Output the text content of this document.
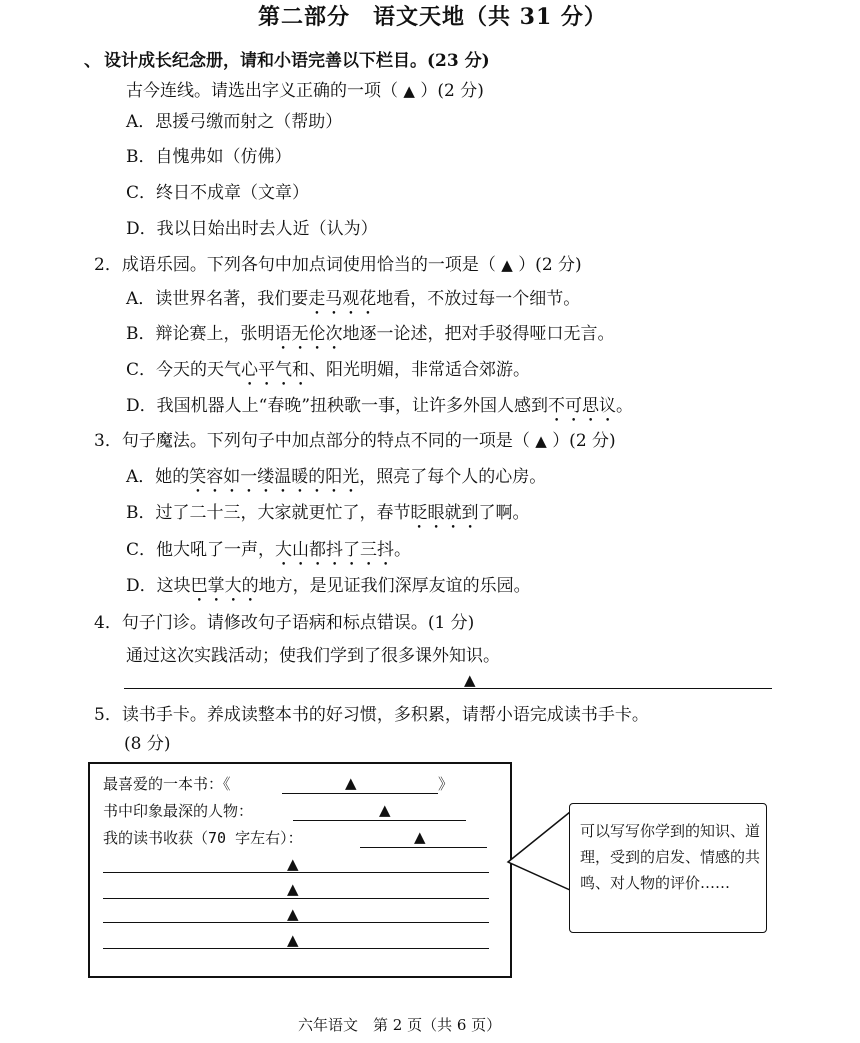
第二部分　语文天地（共 31 分）
、 设计成长纪念册，请和小语完善以下栏目。(23 分)
古今连线。请选出字义正确的一项（ ▲ ）(2 分)
A．思援弓缴而射之（帮助）
B．自愧弗如（仿佛）
C．终日不成章（文章）
D．我以日始出时去人近（认为）
2．成语乐园。下列各句中加点词使用恰当的一项是（ ▲ ）(2 分)
A．读世界名著，我们要走马观花地看，不放过每一个细节。
B．辩论赛上，张明语无伦次地逐一论述，把对手驳得哑口无言。
C．今天的天气心平气和、阳光明媚，非常适合郊游。
D．我国机器人上“春晚”扭秧歌一事，让许多外国人感到不可思议。
3．句子魔法。下列句子中加点部分的特点不同的一项是（ ▲ ）(2 分)
A．她的笑容如一缕温暖的阳光，照亮了每个人的心房。
B．过了二十三，大家就更忙了，春节眨眼就到了啊。
C．他大吼了一声，大山都抖了三抖。
D．这块巴掌大的地方，是见证我们深厚友谊的乐园。
4．句子门诊。请修改句子语病和标点错误。(1 分)
通过这次实践活动；使我们学到了很多课外知识。
▲
5．读书手卡。养成读整本书的好习惯，多积累，请帮小语完成读书手卡。
(8 分)
最喜爱的一本书：《	▲	》
书中印象最深的人物：	▲
我的读书收获（70 字左右）：	▲
▲
▲
▲
▲
可以写写你学到的知识、道理，受到的启发、情感的共鸣、对人物的评价……
六年语文　第 2 页（共 6 页）
